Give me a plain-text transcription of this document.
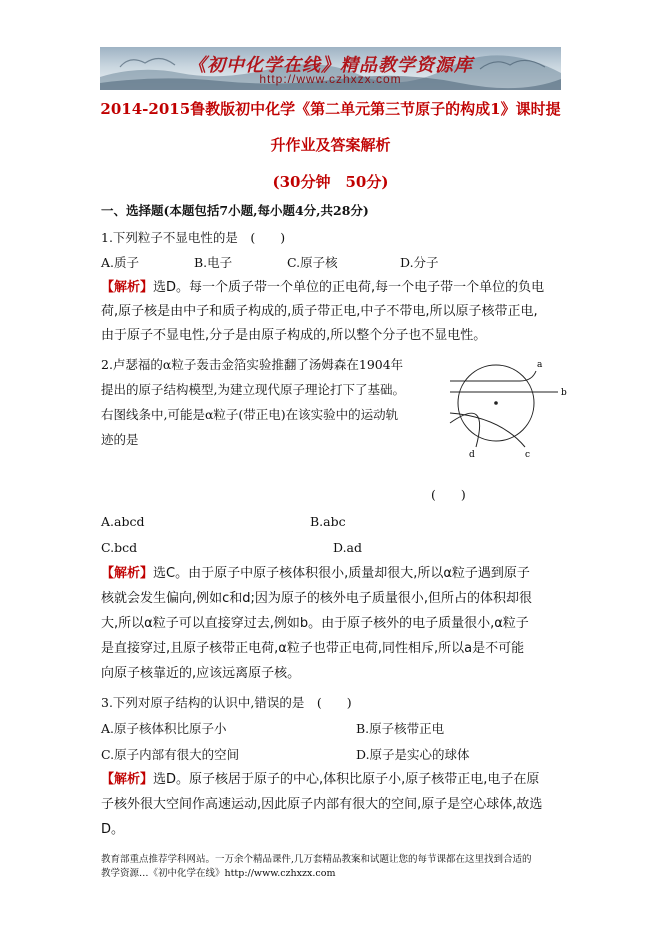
《初中化学在线》精品教学资源库
http://www.czhxzx.com
2014-2015鲁教版初中化学《第二单元第三节原子的构成1》课时提
升作业及答案解析
(30分钟　50分)
一、选择题(本题包括7小题,每小题4分,共28分)
1.下列粒子不显电性的是　(　　)
A.质子	B.电子	C.原子核	D.分子
【解析】选D。每一个质子带一个单位的正电荷,每一个电子带一个单位的负电
荷,原子核是由中子和质子构成的,质子带正电,中子不带电,所以原子核带正电,
由于原子不显电性,分子是由原子构成的,所以整个分子也不显电性。
2.卢瑟福的α粒子轰击金箔实验推翻了汤姆森在1904年
提出的原子结构模型,为建立现代原子理论打下了基础。
右图线条中,可能是α粒子(带正电)在该实验中的运动轨
迹的是
a
b
c
d
(　　)
A.abcd	B.abc
C.bcd	D.ad
【解析】选C。由于原子中原子核体积很小,质量却很大,所以α粒子遇到原子
核就会发生偏向,例如c和d;因为原子的核外电子质量很小,但所占的体积却很
大,所以α粒子可以直接穿过去,例如b。由于原子核外的电子质量很小,α粒子
是直接穿过,且原子核带正电荷,α粒子也带正电荷,同性相斥,所以a是不可能
向原子核靠近的,应该远离原子核。
3.下列对原子结构的认识中,错误的是　(　　)
A.原子核体积比原子小	B.原子核带正电
C.原子内部有很大的空间	D.原子是实心的球体
【解析】选D。原子核居于原子的中心,体积比原子小,原子核带正电,电子在原
子核外很大空间作高速运动,因此原子内部有很大的空间,原子是空心球体,故选
D。
教育部重点推荐学科网站。一万余个精品课件,几万套精品教案和试题让您的每节课都在这里找到合适的
教学资源…《初中化学在线》http://www.czhxzx.com
